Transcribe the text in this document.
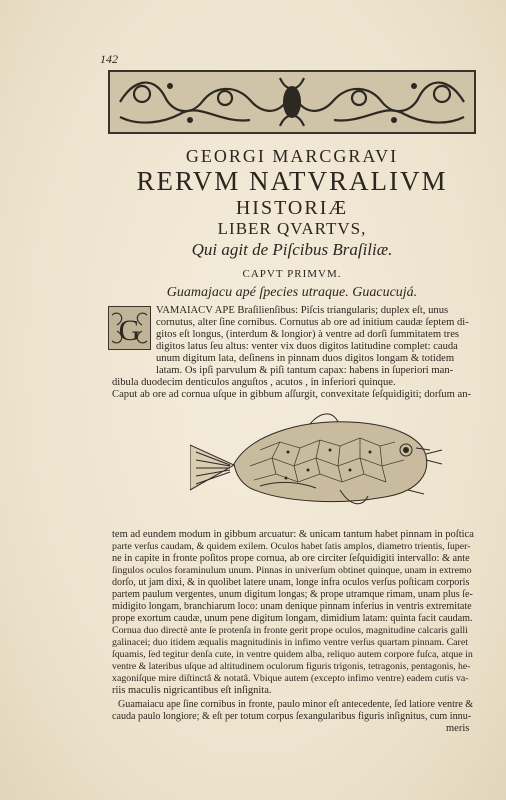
142
GEORGI MARCGRAVI
RERVM NATVRALIVM
HISTORIÆ
LIBER QVARTVS,
Qui agit de Piſcibus Braſiliæ.
CAPVT PRIMVM.
Guamajacu apé ſpecies utraque. Guacucujá.
G
VAMAIACV APE Braſilienſibus: Piſcis triangularis; duplex eſt, unus
cornutus, alter ſine cornibus. Cornutus ab ore ad initium caudæ ſeptem di-
gitos eſt longus, (interdum & longior) à ventre ad dorſi ſummitatem tres
digitos latus ſeu altus: venter vix duos digitos latitudine complet: cauda
unum digitum lata, deſinens in pinnam duos digitos longam & totidem
latam. Os ipſi parvulum & piſi tantum capax: habens in ſuperiori man-
dibula duodecim denticulos anguſtos , acutos , in inferiori quinque.
Caput ab ore ad cornua uſque in gibbum aſſurgit, convexitate ſeſquidigiti; dorſum an-
tem ad eundem modum in gibbum arcuatur: & unicam tantum habet pinnam in poſtica
parte verſus caudam, & quidem exilem. Oculos habet ſatis amplos, diametro trientis, ſuper-
ne in capite in fronte poſitos prope cornua, ab ore circiter ſeſquidigiti intervallo: & ante
ſingulos oculos foraminulum unum. Pinnas in univerſum obtinet quinque, unam in extremo
dorſo, ut jam dixi, & in quolibet latere unam, longe infra oculos verſus poſticam corporis
partem paulum vergentes, unum digitum longas; & prope utramque rimam, unam plus ſe-
midigito longam, branchiarum loco: unam denique pinnam inferius in ventris extremitate
prope exortum caudæ, unum pene digitum longam, dimidium latam: quinta facit caudam.
Cornua duo directè ante ſe protenſa in fronte gerit prope oculos, magnitudine calcaris galli
galinacei; duo itidem æqualis magnitudinis in infimo ventre verſus quartam pinnam. Caret
ſquamis, ſed tegitur denſa cute, in ventre quidem alba, reliquo autem corpore fuſca, atque in
ventre & lateribus uſque ad altitudinem oculorum figuris trigonis, tetragonis, pentagonis, he-
xagoniſque mire diſtinctâ & notatâ. Vbique autem (excepto infimo ventre) eadem cutis va-
riis maculis nigricantibus eſt inſignita.
Guamaiacu ape ſine cornibus in fronte, paulo minor eſt antecedente, ſed latiore ventre &
cauda paulo longiore; & eſt per totum corpus ſexangularibus figuris inſignitus, cum innu-
meris
